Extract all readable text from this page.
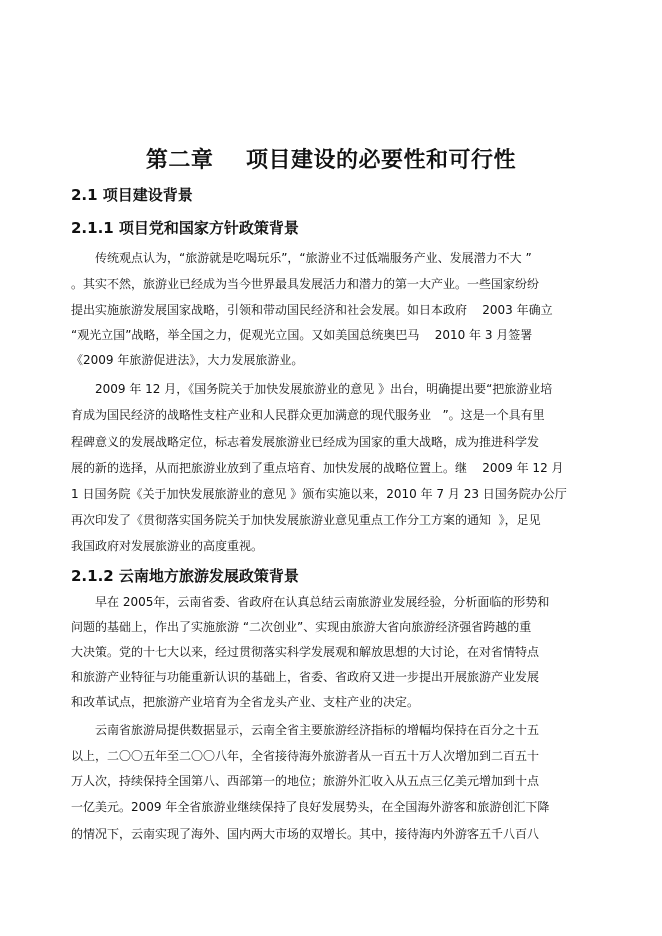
第二章    项目建设的必要性和可行性
2.1 项目建设背景
2.1.1 项目党和国家方针政策背景

传统观点认为，“旅游就是吃喝玩乐”，“旅游业不过低端服务产业、发展潜力不大 ”

。其实不然，旅游业已经成为当今世界最具发展活力和潜力的第一大产业。一些国家纷纷

提出实施旅游发展国家战略，引领和带动国民经济和社会发展。如日本政府    2003 年确立

“观光立国”战略，举全国之力，促观光立国。又如美国总统奥巴马    2010 年 3 月签署

《2009 年旅游促进法》，大力发展旅游业。

2009 年 12 月，《国务院关于加快发展旅游业的意见 》出台，明确提出要“把旅游业培

育成为国民经济的战略性支柱产业和人民群众更加满意的现代服务业   ”。这是一个具有里

程碑意义的发展战略定位，标志着发展旅游业已经成为国家的重大战略，成为推进科学发

展的新的选择，从而把旅游业放到了重点培育、加快发展的战略位置上。继    2009 年 12 月

1 日国务院《关于加快发展旅游业的意见 》颁布实施以来，2010 年 7 月 23 日国务院办公厅

再次印发了《贯彻落实国务院关于加快发展旅游业意见重点工作分工方案的通知  》，足见

我国政府对发展旅游业的高度重视。

2.1.2 云南地方旅游发展政策背景

早在 2005年，云南省委、省政府在认真总结云南旅游业发展经验，分析面临的形势和

问题的基础上，作出了实施旅游 “二次创业”、实现由旅游大省向旅游经济强省跨越的重

大决策。党的十七大以来，经过贯彻落实科学发展观和解放思想的大讨论，在对省情特点

和旅游产业特征与功能重新认识的基础上，省委、省政府又进一步提出开展旅游产业发展

和改革试点，把旅游产业培育为全省龙头产业、支柱产业的决定。

云南省旅游局提供数据显示，云南全省主要旅游经济指标的增幅均保持在百分之十五

以上，二〇〇五年至二〇〇八年，全省接待海外旅游者从一百五十万人次增加到二百五十

万人次，持续保持全国第八、西部第一的地位；旅游外汇收入从五点三亿美元增加到十点

一亿美元。2009 年全省旅游业继续保持了良好发展势头，在全国海外游客和旅游创汇下降

的情况下，云南实现了海外、国内两大市场的双增长。其中，接待海内外游客五千八百八
